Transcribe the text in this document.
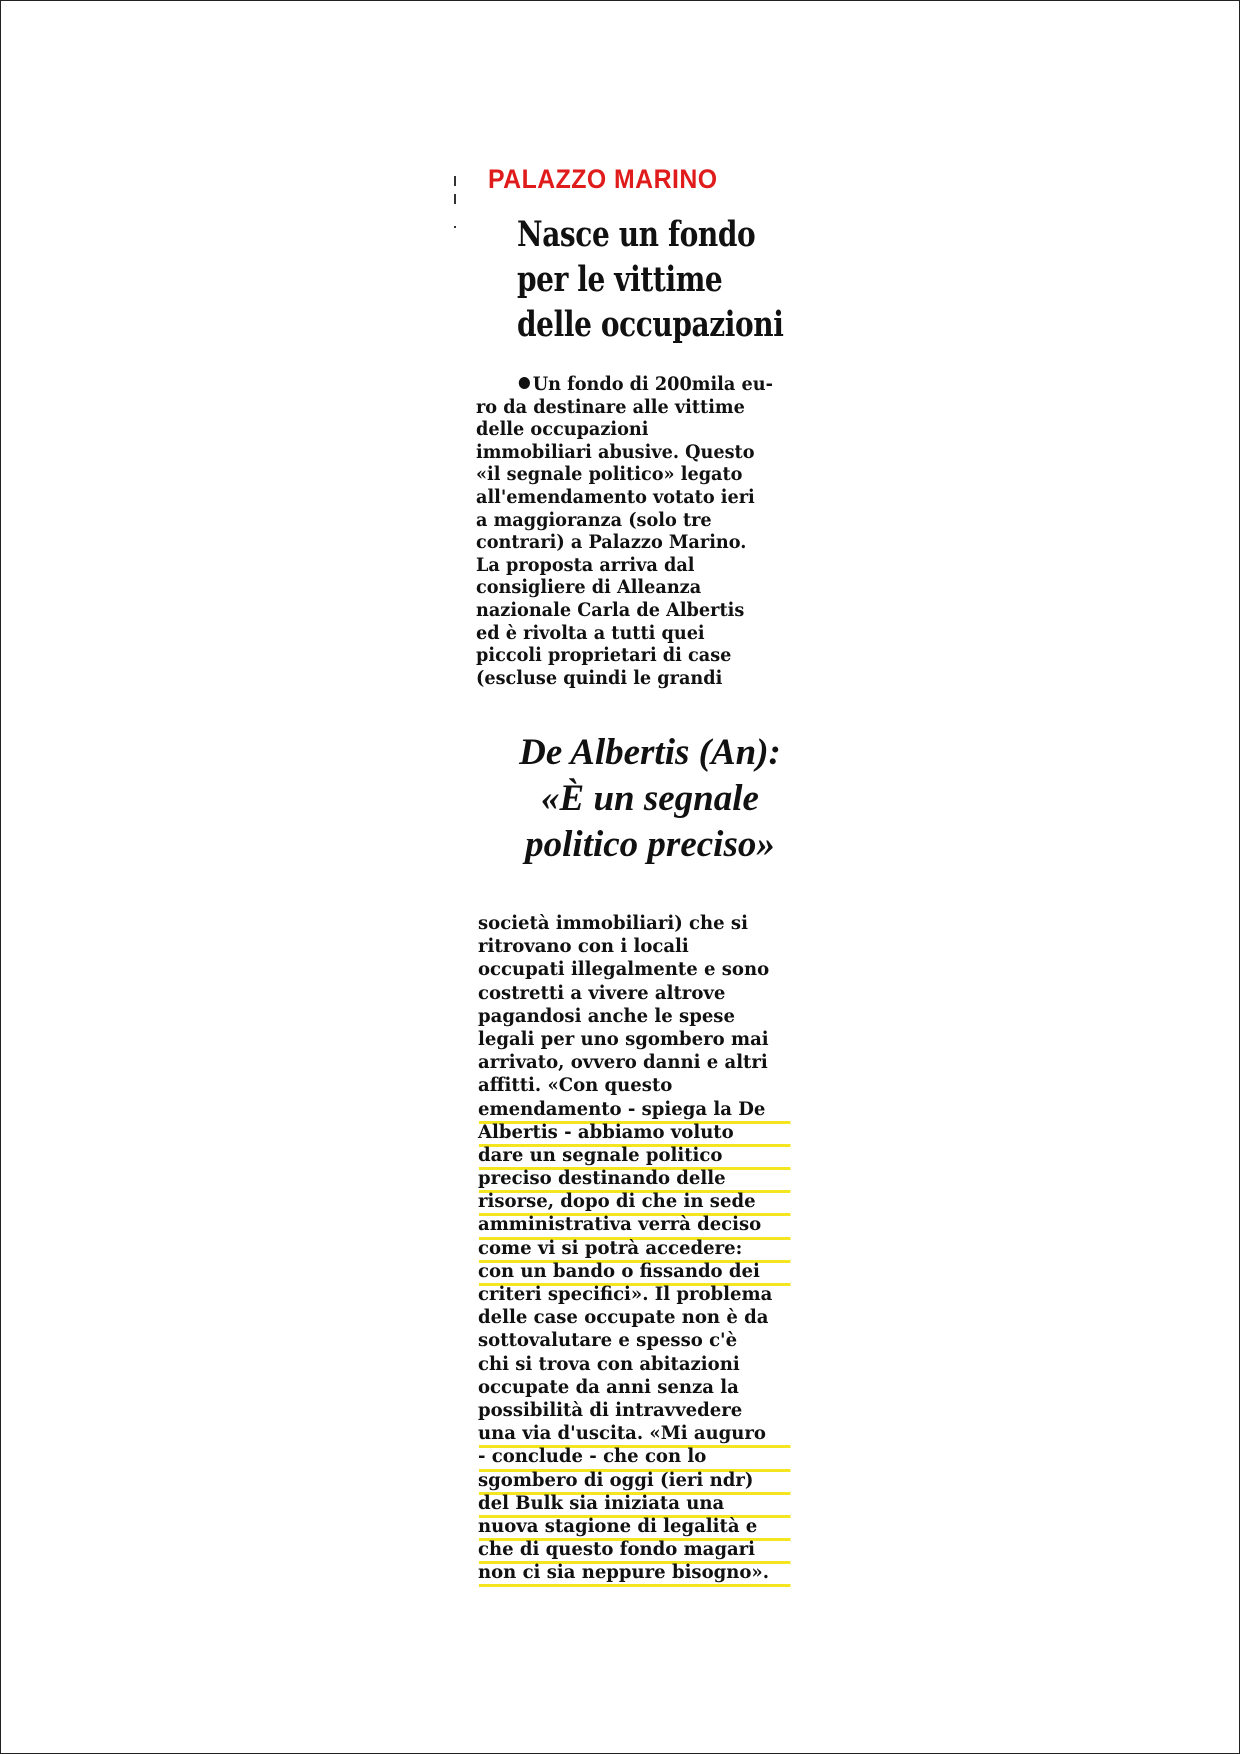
PALAZZO MARINO
Nasce un fondo
per le vittime
delle occupazioni
Un fondo di 200mila eu-
ro da destinare alle vittime
delle occupazioni
immobiliari abusive. Questo
«il segnale politico» legato
all'emendamento votato ieri
a maggioranza (solo tre
contrari) a Palazzo Marino.
La proposta arriva dal
consigliere di Alleanza
nazionale Carla de Albertis
ed è rivolta a tutti quei
piccoli proprietari di case
(escluse quindi le grandi
De Albertis (An):
«È un segnale
politico preciso»
società immobiliari) che si
ritrovano con i locali
occupati illegalmente e sono
costretti a vivere altrove
pagandosi anche le spese
legali per uno sgombero mai
arrivato, ovvero danni e altri
affitti. «Con questo
emendamento - spiega la De
Albertis - abbiamo voluto
dare un segnale politico
preciso destinando delle
risorse, dopo di che in sede
amministrativa verrà deciso
come vi si potrà accedere:
con un bando o fissando dei
criteri specifici». Il problema
delle case occupate non è da
sottovalutare e spesso c'è
chi si trova con abitazioni
occupate da anni senza la
possibilità di intravvedere
una via d'uscita. «Mi auguro
- conclude - che con lo
sgombero di oggi (ieri ndr)
del Bulk sia iniziata una
nuova stagione di legalità e
che di questo fondo magari
non ci sia neppure bisogno».
